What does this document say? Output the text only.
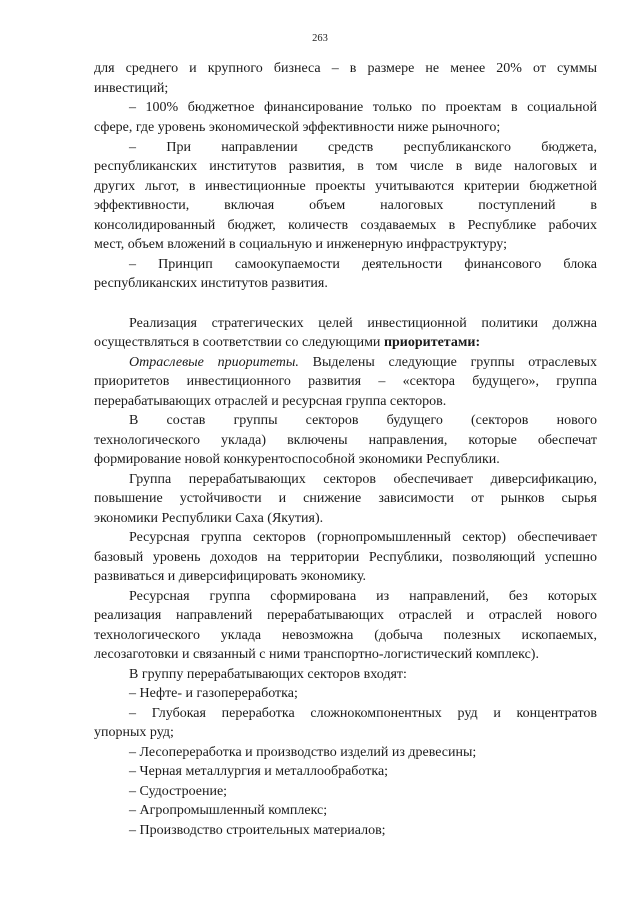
263
для среднего и крупного бизнеса – в размере не менее 20% от суммы
инвестиций;
– 100% бюджетное финансирование только по проектам в социальной
сфере, где уровень экономической эффективности ниже рыночного;
– При направлении средств республиканского бюджета,
республиканских институтов развития, в том числе в виде налоговых и
других льгот, в инвестиционные проекты учитываются критерии бюджетной
эффективности, включая объем налоговых поступлений в
консолидированный бюджет, количеств создаваемых в Республике рабочих
мест, объем вложений в социальную и инженерную инфраструктуру;
– Принцип самоокупаемости деятельности финансового блока
республиканских институтов развития.
Реализация стратегических целей инвестиционной политики должна
осуществляться в соответствии со следующими приоритетами:
Отраслевые приоритеты. Выделены следующие группы отраслевых
приоритетов инвестиционного развития – «сектора будущего», группа
перерабатывающих отраслей и ресурсная группа секторов.
В состав группы секторов будущего (секторов нового
технологического уклада) включены направления, которые обеспечат
формирование новой конкурентоспособной экономики Республики.
Группа перерабатывающих секторов обеспечивает диверсификацию,
повышение устойчивости и снижение зависимости от рынков сырья
экономики Республики Саха (Якутия).
Ресурсная группа секторов (горнопромышленный сектор) обеспечивает
базовый уровень доходов на территории Республики, позволяющий успешно
развиваться и диверсифицировать экономику.
Ресурсная группа сформирована из направлений, без которых
реализация направлений перерабатывающих отраслей и отраслей нового
технологического уклада невозможна (добыча полезных ископаемых,
лесозаготовки и связанный с ними транспортно-логистический комплекс).
В группу перерабатывающих секторов входят:
– Нефте- и газопереработка;
– Глубокая переработка сложнокомпонентных руд и концентратов
упорных руд;
– Лесопереработка и производство изделий из древесины;
– Черная металлургия и металлообработка;
– Судостроение;
– Агропромышленный комплекс;
– Производство строительных материалов;
